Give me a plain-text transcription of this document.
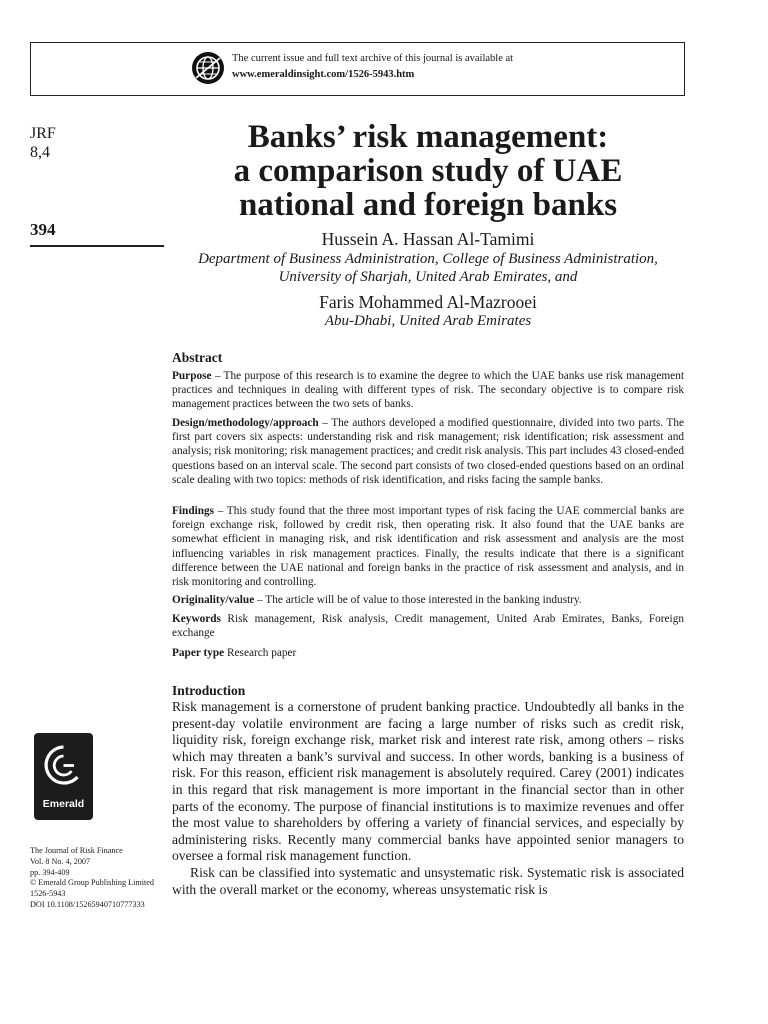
The current issue and full text archive of this journal is available at
www.emeraldinsight.com/1526-5943.htm
JRF
8,4
394
Banks’ risk management:
a comparison study of UAE
national and foreign banks
Hussein A. Hassan Al-Tamimi
Department of Business Administration, College of Business Administration, University of Sharjah, United Arab Emirates, and
Faris Mohammed Al-Mazrooei
Abu-Dhabi, United Arab Emirates
Abstract
Purpose – The purpose of this research is to examine the degree to which the UAE banks use risk management practices and techniques in dealing with different types of risk. The secondary objective is to compare risk management practices between the two sets of banks.
Design/methodology/approach – The authors developed a modified questionnaire, divided into two parts. The first part covers six aspects: understanding risk and risk management; risk identification; risk assessment and analysis; risk monitoring; risk management practices; and credit risk analysis. This part includes 43 closed-ended questions based on an interval scale. The second part consists of two closed-ended questions based on an ordinal scale dealing with two topics: methods of risk identification, and risks facing the sample banks.
Findings – This study found that the three most important types of risk facing the UAE commercial banks are foreign exchange risk, followed by credit risk, then operating risk. It also found that the UAE banks are somewhat efficient in managing risk, and risk identification and risk assessment and analysis are the most influencing variables in risk management practices. Finally, the results indicate that there is a significant difference between the UAE national and foreign banks in the practice of risk assessment and analysis, and in risk monitoring and controlling.
Originality/value – The article will be of value to those interested in the banking industry.
Keywords Risk management, Risk analysis, Credit management, United Arab Emirates, Banks, Foreign exchange
Paper type Research paper
Introduction

Risk management is a cornerstone of prudent banking practice. Undoubtedly all banks in the present-day volatile environment are facing a large number of risks such as credit risk, liquidity risk, foreign exchange risk, market risk and interest rate risk, among others – risks which may threaten a bank’s survival and success. In other words, banking is a business of risk. For this reason, efficient risk management is absolutely required. Carey (2001) indicates in this regard that risk management is more important in the financial sector than in other parts of the economy. The purpose of financial institutions is to maximize revenues and offer the most value to shareholders by offering a variety of financial services, and especially by administering risks. Recently many commercial banks have appointed senior managers to oversee a formal risk management function.

Risk can be classified into systematic and unsystematic risk. Systematic risk is associated with the overall market or the economy, whereas unsystematic risk is

Emerald
The Journal of Risk Finance
Vol. 8 No. 4, 2007
pp. 394-409
© Emerald Group Publishing Limited
1526-5943
DOI 10.1108/15265940710777333
